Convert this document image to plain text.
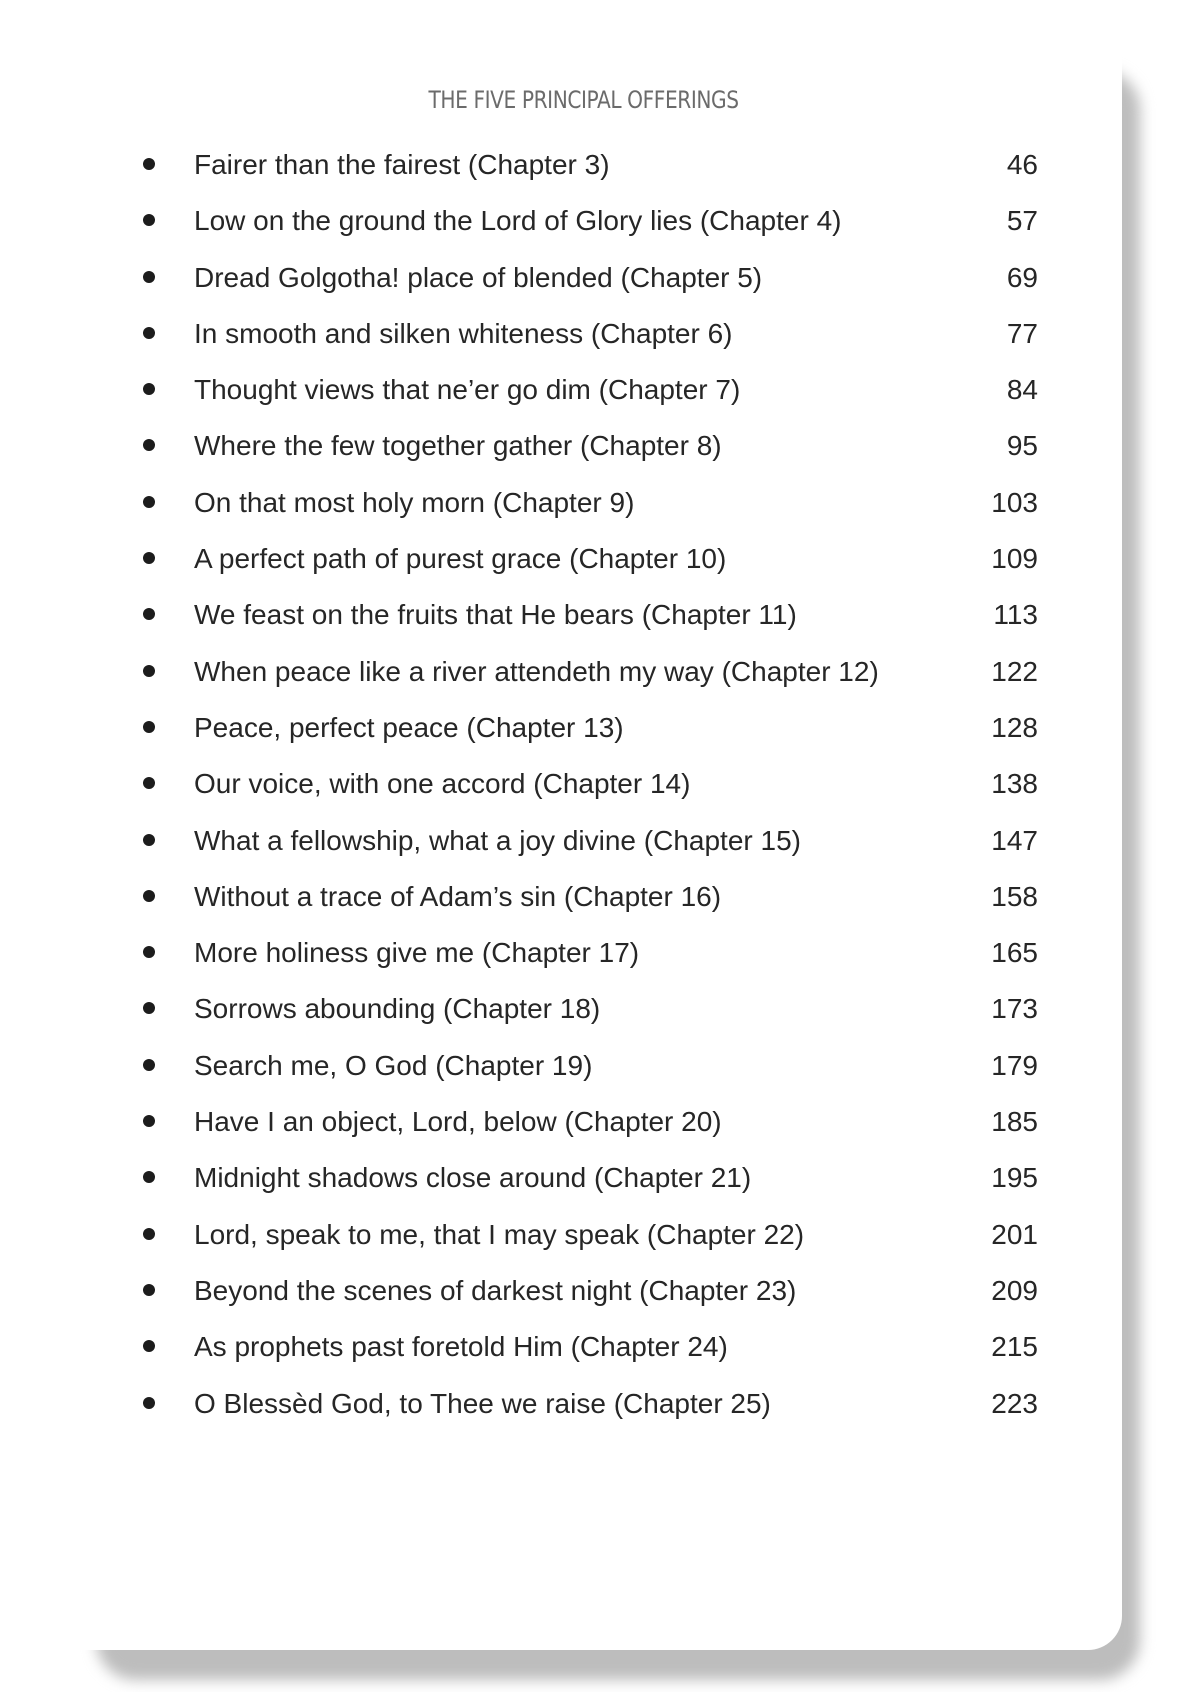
THE FIVE PRINCIPAL OFFERINGS
Fairer than the fairest (Chapter 3)	46
Low on the ground the Lord of Glory lies (Chapter 4)	57
Dread Golgotha! place of blended (Chapter 5)	69
In smooth and silken whiteness (Chapter 6)	77
Thought views that ne’er go dim (Chapter 7)	84
Where the few together gather (Chapter 8)	95
On that most holy morn (Chapter 9)	103
A perfect path of purest grace (Chapter 10)	109
We feast on the fruits that He bears (Chapter 11)	113
When peace like a river attendeth my way (Chapter 12)	122
Peace, perfect peace (Chapter 13)	128
Our voice, with one accord (Chapter 14)	138
What a fellowship, what a joy divine (Chapter 15)	147
Without a trace of Adam’s sin (Chapter 16)	158
More holiness give me (Chapter 17)	165
Sorrows abounding (Chapter 18)	173
Search me, O God (Chapter 19)	179
Have I an object, Lord, below (Chapter 20)	185
Midnight shadows close around (Chapter 21)	195
Lord, speak to me, that I may speak (Chapter 22)	201
Beyond the scenes of darkest night (Chapter 23)	209
As prophets past foretold Him (Chapter 24)	215
O Blessèd God, to Thee we raise (Chapter 25)	223
